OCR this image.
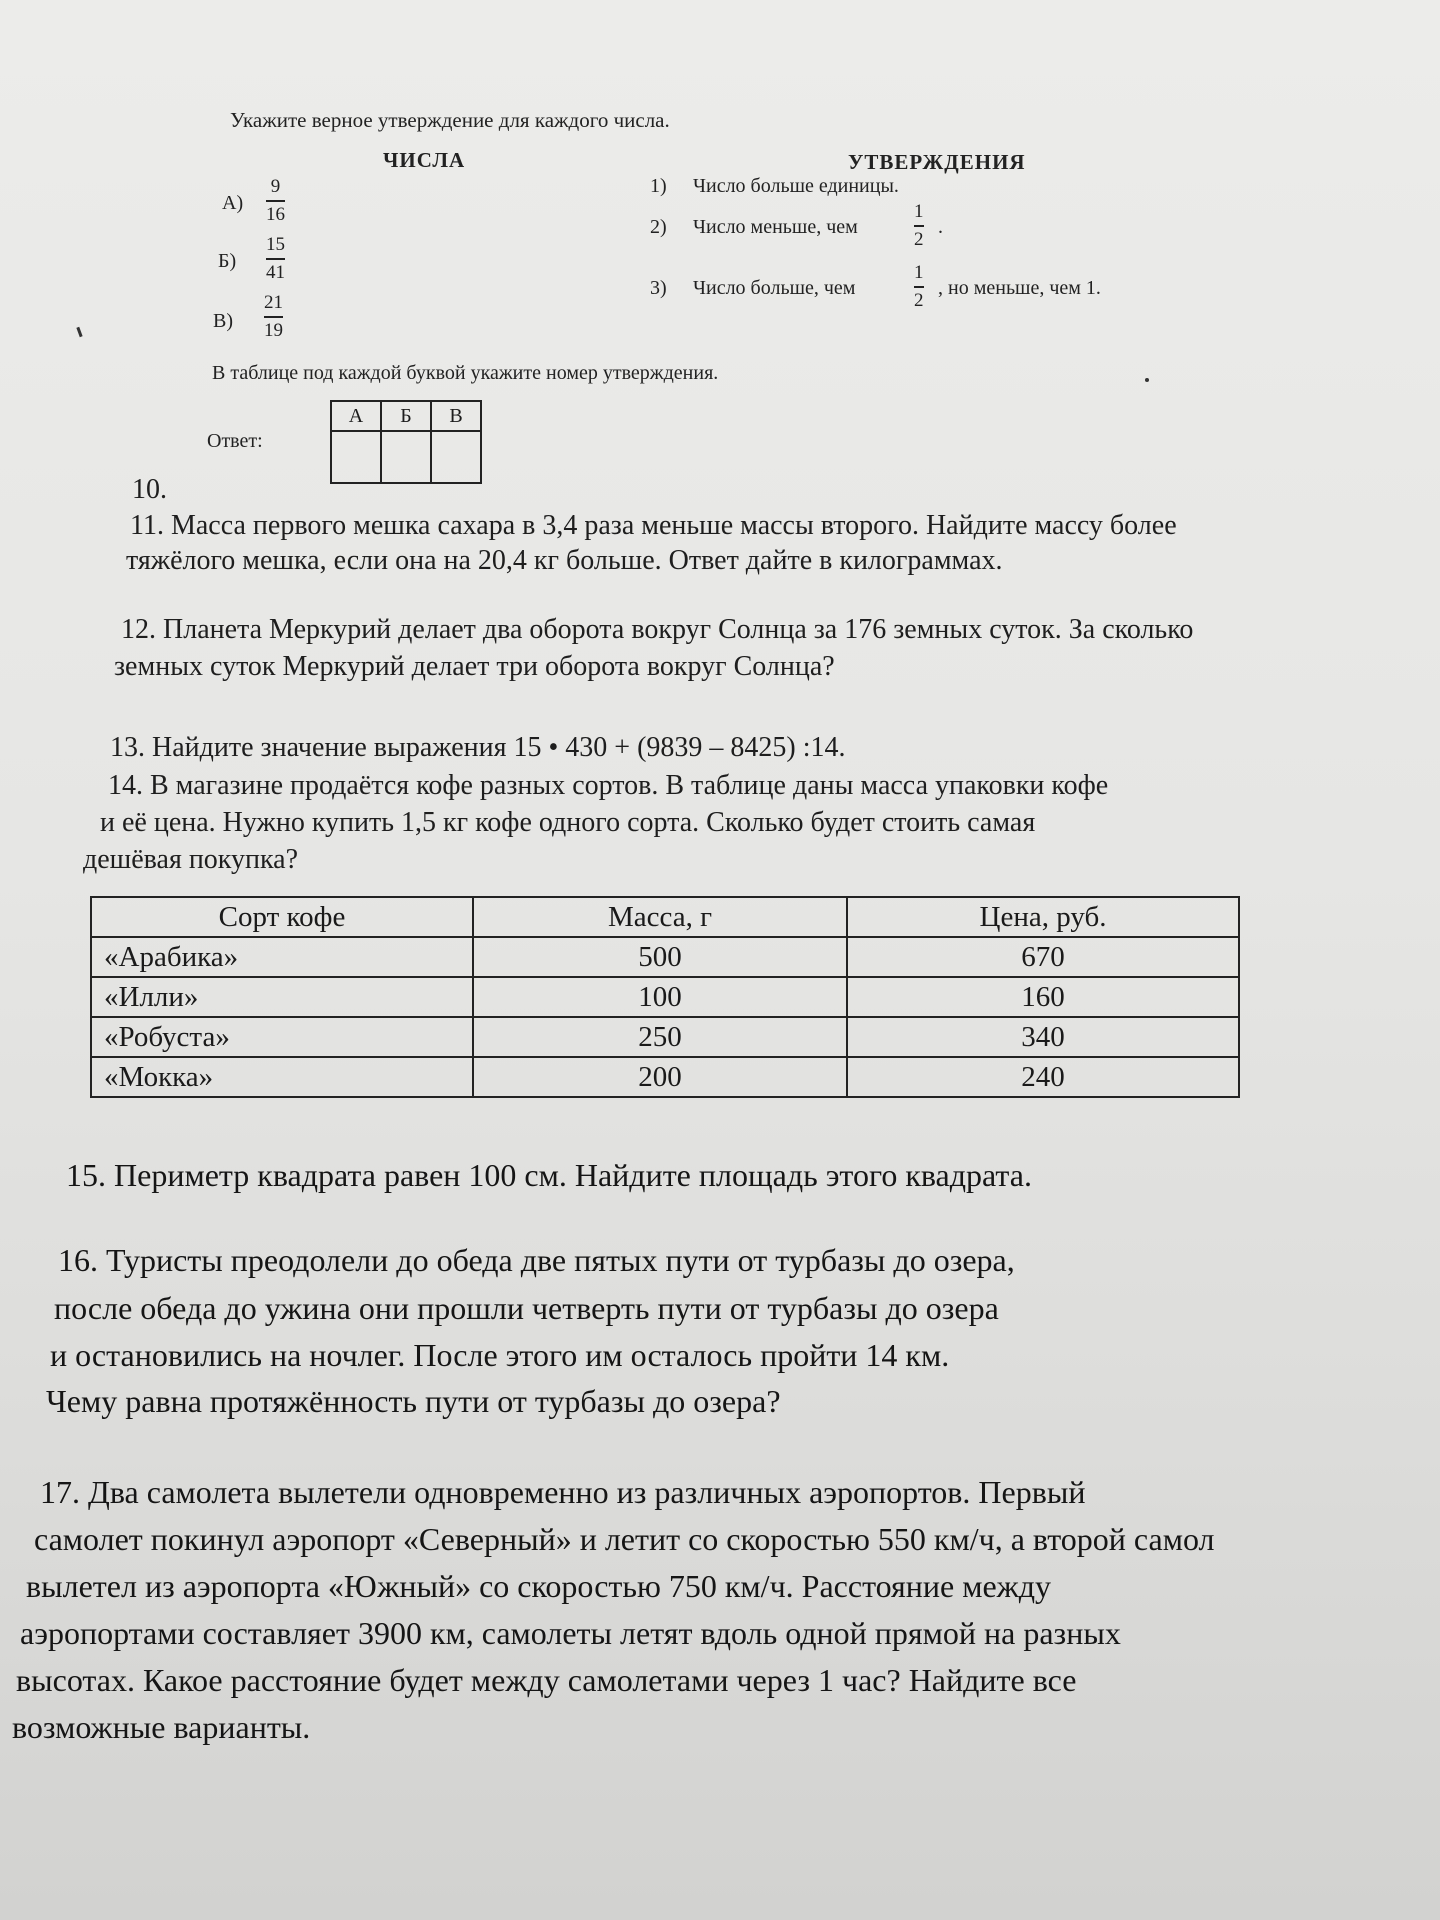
Укажите верное утверждение для каждого числа.
ЧИСЛА	УТВЕРЖДЕНИЯ
А)
9
16
Б)
15
41
В)
21
19
1) Число больше единицы.
2) Число меньше, чем
1
2
.
3) Число больше, чем
1
2
, но меньше, чем 1.
В таблице под каждой буквой укажите номер утверждения.
Ответ:
А	Б	В

10.
11. Масса первого мешка сахара в 3,4 раза меньше массы второго. Найдите массу более
тяжёлого мешка, если она на 20,4 кг больше. Ответ дайте в килограммах.
12. Планета Меркурий делает два оборота вокруг Солнца за 176 земных суток. За сколько
земных суток Меркурий делает три оборота вокруг Солнца?
13. Найдите значение выражения 15 • 430 + (9839 – 8425) :14.
14. В магазине продаётся кофе разных сортов. В таблице даны масса упаковки кофе
и её цена. Нужно купить 1,5 кг кофе одного сорта. Сколько будет стоить самая
дешёвая покупка?
Сорт кофе	Масса, г	Цена, руб.
«Арабика»	500	670
«Илли»	100	160
«Робуста»	250	340
«Мокка»	200	240
15. Периметр квадрата равен 100 см. Найдите площадь этого квадрата.
16. Туристы преодолели до обеда две пятых пути от турбазы до озера,
после обеда до ужина они прошли четверть пути от турбазы до озера
и остановились на ночлег. После этого им осталось пройти 14 км.
Чему равна протяжённость пути от турбазы до озера?
17. Два самолета вылетели одновременно из различных аэропортов. Первый
самолет покинул аэропорт «Северный» и летит со скоростью 550 км/ч, а второй самол
вылетел из аэропорта «Южный» со скоростью 750 км/ч. Расстояние между
аэропортами составляет 3900 км, самолеты летят вдоль одной прямой на разных
высотах. Какое расстояние будет между самолетами через 1 час? Найдите все
возможные варианты.
